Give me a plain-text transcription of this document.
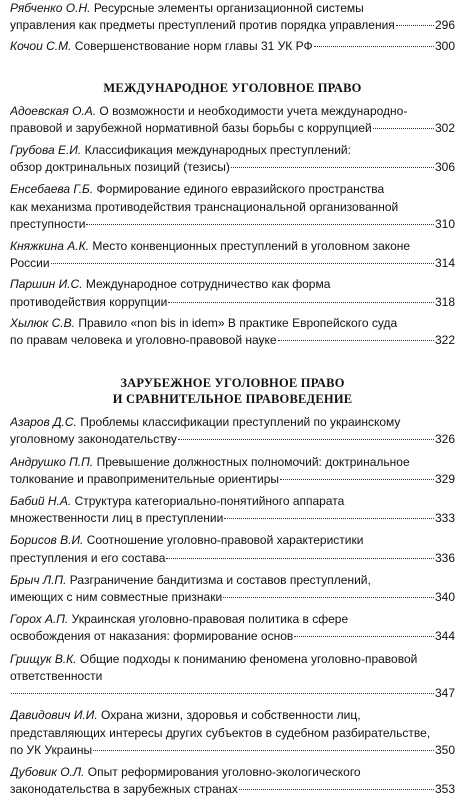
Рябченко О.Н. Ресурсные элементы организационной системы
управления как предметы преступлений против порядка управления	296
Кочои С.М. Совершенствование норм главы 31 УК РФ	300
МЕЖДУНАРОДНОЕ УГОЛОВНОЕ ПРАВО
Адоевская О.А. О возможности и необходимости учета международно-
правовой и зарубежной нормативной базы борьбы с коррупцией	302
Грубова Е.И. Классификация международных преступлений:
обзор доктринальных позиций (тезисы)	306
Енсебаева Г.Б. Формирование единого евразийского пространства
как механизма противодействия транснациональной организованной
преступности	310
Княжкина А.К. Место конвенционных преступлений в уголовном законе
России	314
Паршин И.С. Международное сотрудничество как форма
противодействия коррупции	318
Хылюк С.В. Правило «non bis in idem» В практике Европейского суда
по правам человека и уголовно-правовой науке	322
ЗАРУБЕЖНОЕ УГОЛОВНОЕ ПРАВО
И СРАВНИТЕЛЬНОЕ ПРАВОВЕДЕНИЕ
Азаров Д.С. Проблемы классификации преступлений по украинскому
уголовному законодательству	326
Андрушко П.П. Превышение должностных полномочий: доктринальное
толкование и правоприменительные ориентиры	329
Бабий Н.А. Структура категориально-понятийного аппарата
множественности лиц в преступлении	333
Борисов В.И. Соотношение уголовно-правовой характеристики
преступления и его состава	336
Брыч Л.П. Разграничение бандитизма и составов преступлений,
имеющих с ним совместные признаки	340
Горох А.П. Украинская уголовно-правовая политика в сфере
освобождения от наказания: формирование основ	344
Грищук В.К. Общие подходы к пониманию феномена уголовно-правовой
ответственности
347
Давидович И.И. Охрана жизни, здоровья и собственности лиц,
представляющих интересы других субъектов в судебном разбирательстве,
по УК Украины	350
Дубовик О.Л. Опыт реформирования уголовно-экологического
законодательства в зарубежных странах	353
